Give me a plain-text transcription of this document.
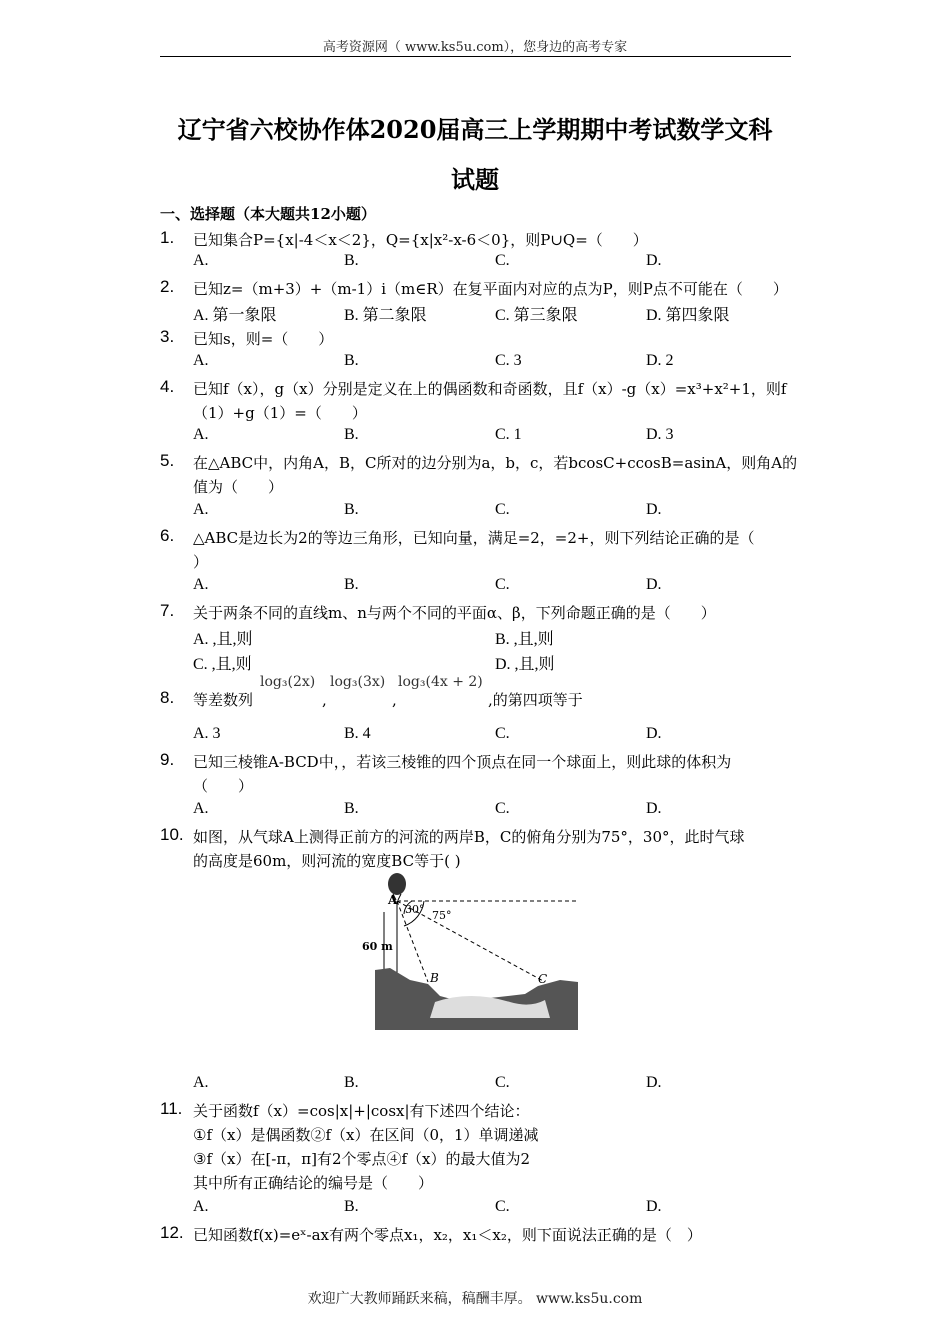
高考资源网（ www.ks5u.com），您身边的高考专家
辽宁省六校协作体2020届高三上学期期中考试数学文科
试题
一、选择题（本大题共12小题）
1. 已知集合P={x|-4＜x＜2}，Q={x|x²-x-6＜0}，则P∪Q=（　　）
A.	B.	C.	D.
2. 已知z=（m+3）+（m-1）i（m∈R）在复平面内对应的点为P，则P点不可能在（　　）
A. 第一象限	B. 第二象限	C. 第三象限	D. 第四象限
3. 已知s，则=（　　）
A.	B.	C. 3	D. 2
4. 已知f（x），g（x）分别是定义在上的偶函数和奇函数，且f（x）-g（x）=x³+x²+1，则f
（1）+g（1）=（　　）
A.	B.	C. 1	D. 3
5. 在△ABC中，内角A，B，C所对的边分别为a，b，c，若bcosC+ccosB=asinA，则角A的
值为（　　）
A.	B.	C.	D.
6. △ABC是边长为2的等边三角形，已知向量，满足=2，=2+，则下列结论正确的是（
）
A.	B.	C.	D.
7. 关于两条不同的直线m、n与两个不同的平面α、β，下列命题正确的是（　　）
A. ,且,则	B. ,且,则
C. ,且,则	D. ,且,则
8. 等差数列
log₃(2x) log₃(3x) log₃(4x + 2)
,	,	,的第四项等于
A. 3	B. 4	C.	D.
9. 已知三棱锥A-BCD中，，若该三棱锥的四个顶点在同一个球面上，则此球的体积为
（　　）
A.	B.	C.	D.
10. 如图，从气球A上测得正前方的河流的两岸B，C的俯角分别为75°，30°，此时气球
的高度是60m，则河流的宽度BC等于( )
A.	B.	C.	D.
11. 关于函数f（x）=cos|x|+|cosx|有下述四个结论：
①f（x）是偶函数②f（x）在区间（0，1）单调递减
③f（x）在[-π，π]有2个零点④f（x）的最大值为2
其中所有正确结论的编号是（　　）
A.	B.	C.	D.
12. 已知函数f(x)=eˣ-ax有两个零点x₁，x₂，x₁＜x₂，则下面说法正确的是（　）
A
B	C
30° 75°
60 m
欢迎广大教师踊跃来稿，稿酬丰厚。 www.ks5u.com
